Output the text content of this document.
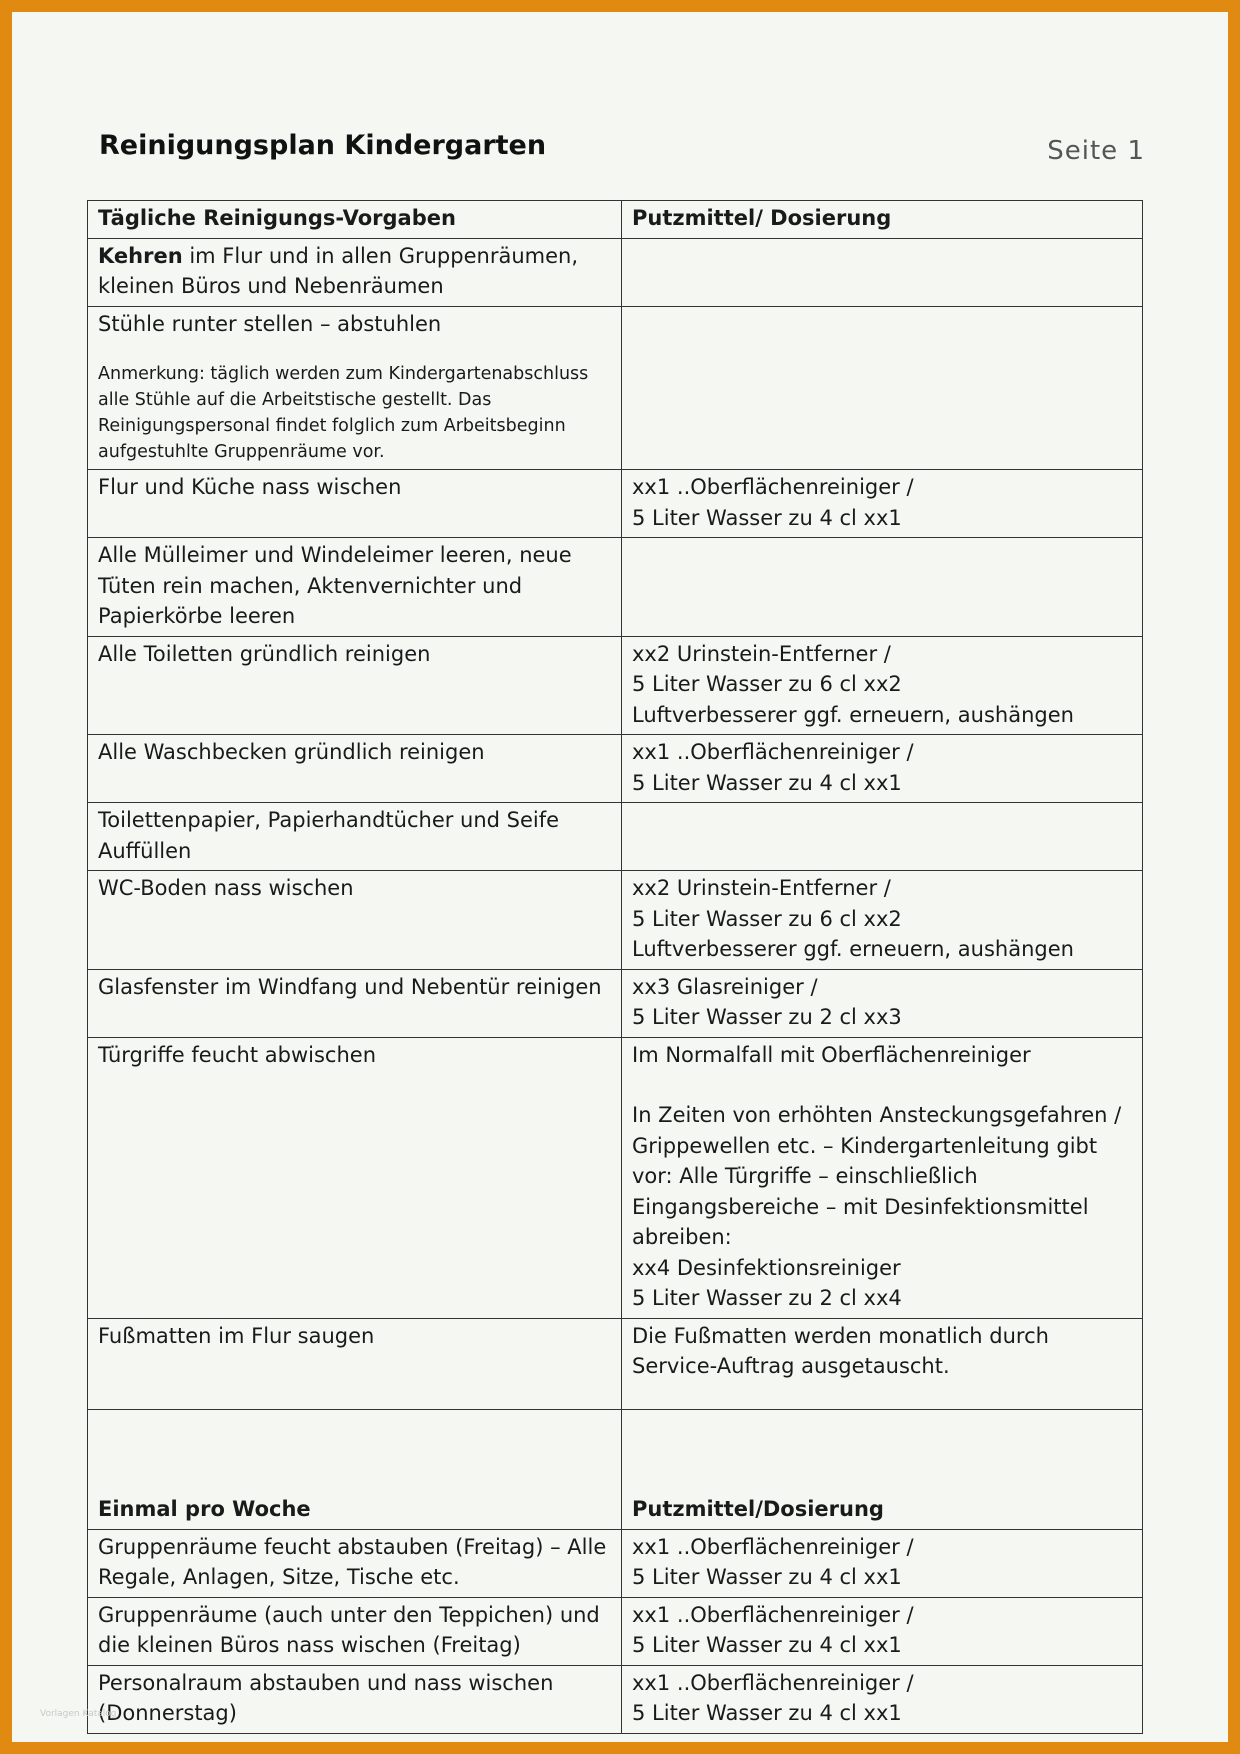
Reinigungsplan Kindergarten	Seite 1
Tägliche Reinigungs-Vorgaben	Putzmittel/ Dosierung
Kehren im Flur und in allen Gruppenräumen, kleinen Büros und Nebenräumen	
Stühle runter stellen – abstuhlen
Anmerkung: täglich werden zum Kindergartenabschluss alle Stühle auf die Arbeitstische gestellt. Das Reinigungspersonal findet folglich zum Arbeitsbeginn aufgestuhlte Gruppenräume vor.	

Flur und Küche nass wischen	xx1 ..Oberflächenreiniger /
5 Liter Wasser zu 4 cl xx1

Alle Mülleimer und Windeleimer leeren, neue Tüten rein machen, Aktenvernichter und Papierkörbe leeren	
Alle Toiletten gründlich reinigen	xx2 Urinstein-Entferner /
5 Liter Wasser zu 6 cl xx2
Luftverbesserer ggf. erneuern, aushängen

Alle Waschbecken gründlich reinigen	xx1 ..Oberflächenreiniger /
5 Liter Wasser zu 4 cl xx1

Toilettenpapier, Papierhandtücher und Seife Auffüllen	
WC-Boden nass wischen	xx2 Urinstein-Entferner /
5 Liter Wasser zu 6 cl xx2
Luftverbesserer ggf. erneuern, aushängen

Glasfenster im Windfang und Nebentür reinigen	xx3 Glasreiniger /
5 Liter Wasser zu 2 cl xx3

Türgriffe feucht abwischen	Im Normalfall mit Oberflächenreiniger
In Zeiten von erhöhten Ansteckungsgefahren / Grippewellen etc. – Kindergartenleitung gibt vor: Alle Türgriffe – einschließlich Eingangsbereiche – mit Desinfektionsmittel abreiben:
xx4 Desinfektionsreiniger
5 Liter Wasser zu 2 cl xx4

Fußmatten im Flur saugen	Die Fußmatten werden monatlich durch Service-Auftrag ausgetauscht.

Einmal pro Woche	Putzmittel/Dosierung
Gruppenräume feucht abstauben (Freitag) – Alle Regale, Anlagen, Sitze, Tische etc.	xx1 ..Oberflächenreiniger /
5 Liter Wasser zu 4 cl xx1

Gruppenräume (auch unter den Teppichen) und die kleinen Büros nass wischen (Freitag)	xx1 ..Oberflächenreiniger /
5 Liter Wasser zu 4 cl xx1

Personalraum abstauben und nass wischen (Donnerstag)	xx1 ..Oberflächenreiniger /
5 Liter Wasser zu 4 cl xx1
Vorlagen Katalog
